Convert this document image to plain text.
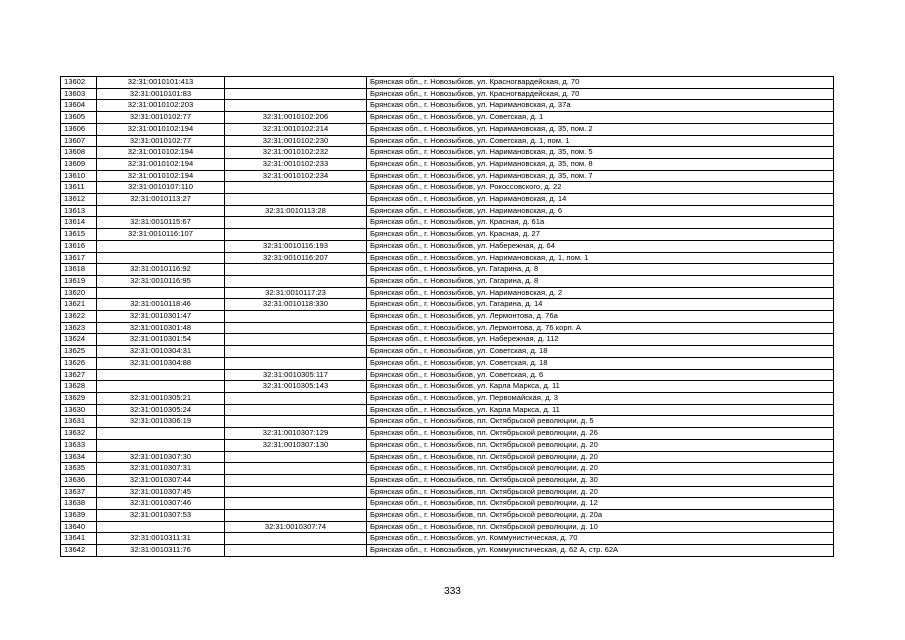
13602	32:31:0010101:413		Брянская обл., г. Новозыбков, ул. Красногвардейская, д. 70
13603	32:31:0010101:83		Брянская обл., г. Новозыбков, ул. Красногвардейская, д. 70
13604	32:31:0010102:203		Брянская обл., г. Новозыбков, ул. Наримановская, д. 37а
13605	32:31:0010102:77	32:31:0010102:206	Брянская обл., г. Новозыбков, ул. Советская, д. 1
13606	32:31:0010102:194	32:31:0010102:214	Брянская обл., г. Новозыбков, ул. Наримановская, д. 35, пом. 2
13607	32:31:0010102:77	32:31:0010102:230	Брянская обл., г. Новозыбков, ул. Советская, д. 1, пом. 1
13608	32:31:0010102:194	32:31:0010102:232	Брянская обл., г. Новозыбков, ул. Наримановская, д. 35, пом. 5
13609	32:31:0010102:194	32:31:0010102:233	Брянская обл., г. Новозыбков, ул. Наримановская, д. 35, пом. 8
13610	32:31:0010102:194	32:31:0010102:234	Брянская обл., г. Новозыбков, ул. Наримановская, д. 35, пом. 7
13611	32:31:0010107:110		Брянская обл., г. Новозыбков, ул. Рокоссовского, д. 22
13612	32:31:0010113:27		Брянская обл., г. Новозыбков, ул. Наримановская, д. 14
13613		32:31:0010113:28	Брянская обл., г. Новозыбков, ул. Наримановская, д. 6
13614	32:31:0010115:67		Брянская обл., г. Новозыбков, ул. Красная, д. 61а
13615	32:31:0010116:107		Брянская обл., г. Новозыбков, ул. Красная, д. 27
13616		32:31:0010116:193	Брянская обл., г. Новозыбков, ул. Набережная, д. 64
13617		32:31:0010116:207	Брянская обл., г. Новозыбков, ул. Наримановская, д. 1, пом. 1
13618	32:31:0010116:92		Брянская обл., г. Новозыбков, ул. Гагарина, д. 8
13619	32:31:0010116:95		Брянская обл., г. Новозыбков, ул. Гагарина, д. 8
13620		32:31:0010117:23	Брянская обл., г. Новозыбков, ул. Наримановская, д. 2
13621	32:31:0010118:46	32:31:0010118:330	Брянская обл., г. Новозыбков, ул. Гагарина, д. 14
13622	32:31:0010301:47		Брянская обл., г. Новозыбков, ул. Лермонтова, д. 76а
13623	32:31:0010301:48		Брянская обл., г. Новозыбков, ул. Лермонтова, д. 76 корп. А
13624	32:31:0010301:54		Брянская обл., г. Новозыбков, ул. Набережная, д. 112
13625	32:31:0010304:31		Брянская обл., г. Новозыбков, ул. Советская, д. 18
13626	32:31:0010304:88		Брянская обл., г. Новозыбков, ул. Советская, д. 18
13627		32:31:0010305:117	Брянская обл., г. Новозыбков, ул. Советская, д. 6
13628		32:31:0010305:143	Брянская обл., г. Новозыбков, ул. Карла Маркса, д. 11
13629	32:31:0010305:21		Брянская обл., г. Новозыбков, ул. Первомайская, д. 3
13630	32:31:0010305:24		Брянская обл., г. Новозыбков, ул. Карла Маркса, д. 11
13631	32:31:0010306:19		Брянская обл., г. Новозыбков, пл. Октябрьской революции, д. 5
13632		32:31:0010307:129	Брянская обл., г. Новозыбков, пл. Октябрьской революции, д. 26
13633		32:31:0010307:130	Брянская обл., г. Новозыбков, пл. Октябрьской революции, д. 20
13634	32:31:0010307:30		Брянская обл., г. Новозыбков, пл. Октябрьской революции, д. 20
13635	32:31:0010307:31		Брянская обл., г. Новозыбков, пл. Октябрьской революции, д. 20
13636	32:31:0010307:44		Брянская обл., г. Новозыбков, пл. Октябрьской революции, д. 30
13637	32:31:0010307:45		Брянская обл., г. Новозыбков, пл. Октябрьской революции, д. 20
13638	32:31:0010307:46		Брянская обл., г. Новозыбков, пл. Октябрьской революции, д. 12
13639	32:31:0010307:53		Брянская обл., г. Новозыбков, пл. Октябрьской революции, д. 20а
13640		32:31:0010307:74	Брянская обл., г. Новозыбков, пл. Октябрьской революции, д. 10
13641	32:31:0010311:31		Брянская обл., г. Новозыбков, ул. Коммунистическая, д. 70
13642	32:31:0010311:76		Брянская обл., г. Новозыбков, ул. Коммунистическая, д. 62 А, стр. 62А
333
